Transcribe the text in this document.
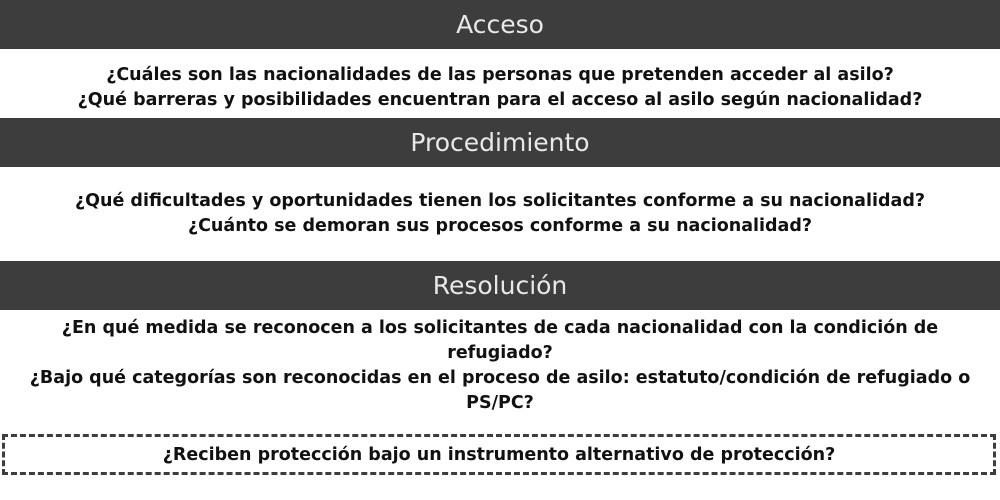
Acceso

¿Cuáles son las nacionalidades de las personas que pretenden acceder al asilo?

¿Qué barreras y posibilidades encuentran para el acceso al asilo según nacionalidad?

Procedimiento

¿Qué dificultades y oportunidades tienen los solicitantes conforme a su nacionalidad?

¿Cuánto se demoran sus procesos conforme a su nacionalidad?

Resolución

¿En qué medida se reconocen a los solicitantes de cada nacionalidad con la condición de refugiado?

¿Bajo qué categorías son reconocidas en el proceso de asilo: estatuto/condición de refugiado o PS/PC?

¿Reciben protección bajo un instrumento alternativo de protección?
